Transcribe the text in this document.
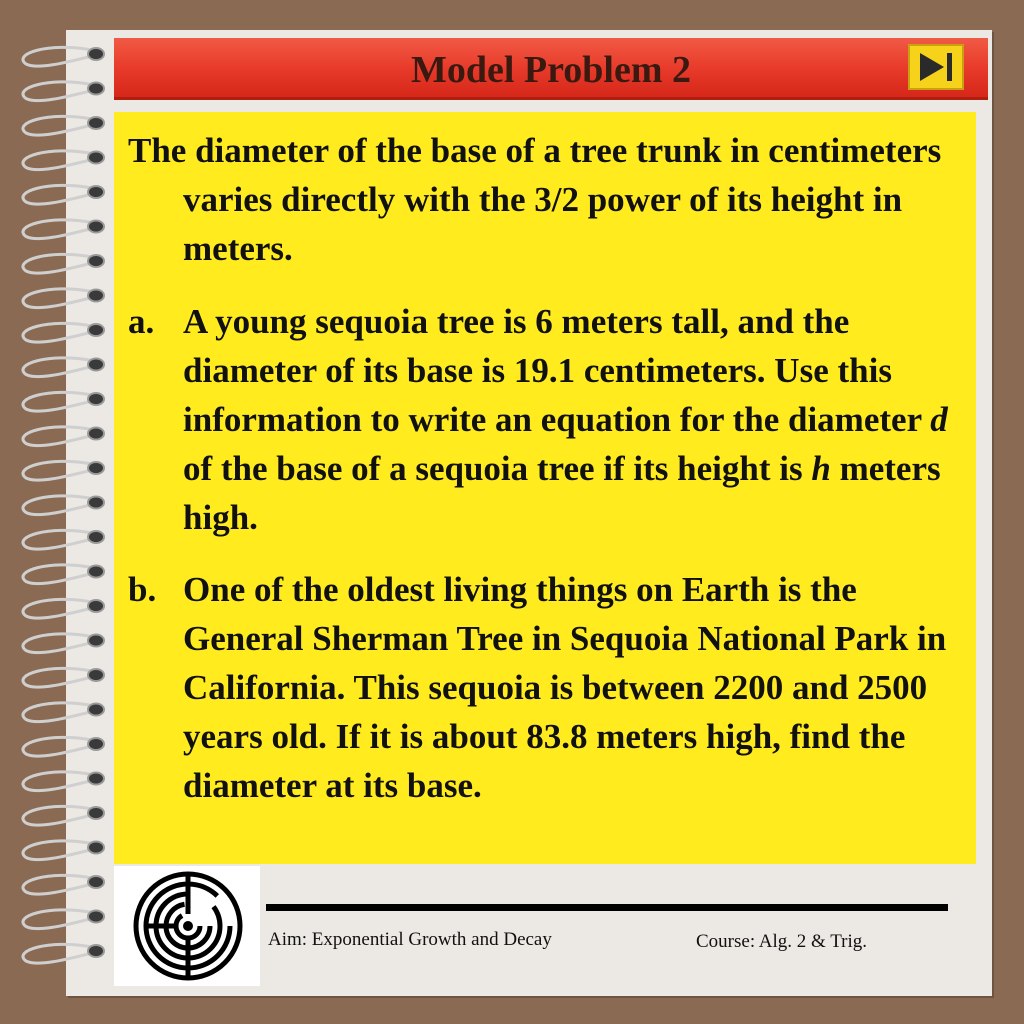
Model Problem 2

The diameter of the base of a tree trunk in centimeters varies directly with the 3/2 power of its height in meters.

a. A young sequoia tree is 6 meters tall, and the diameter of its base is 19.1 centimeters. Use this information to write an equation for the diameter d of the base of a sequoia tree if its height is h meters high.
b. One of the oldest living things on Earth is the General Sherman Tree in Sequoia National Park in California. This sequoia is between 2200 and 2500 years old. If it is about 83.8 meters high, find the diameter at its base.
Aim: Exponential Growth and Decay	Course: Alg. 2 & Trig.
